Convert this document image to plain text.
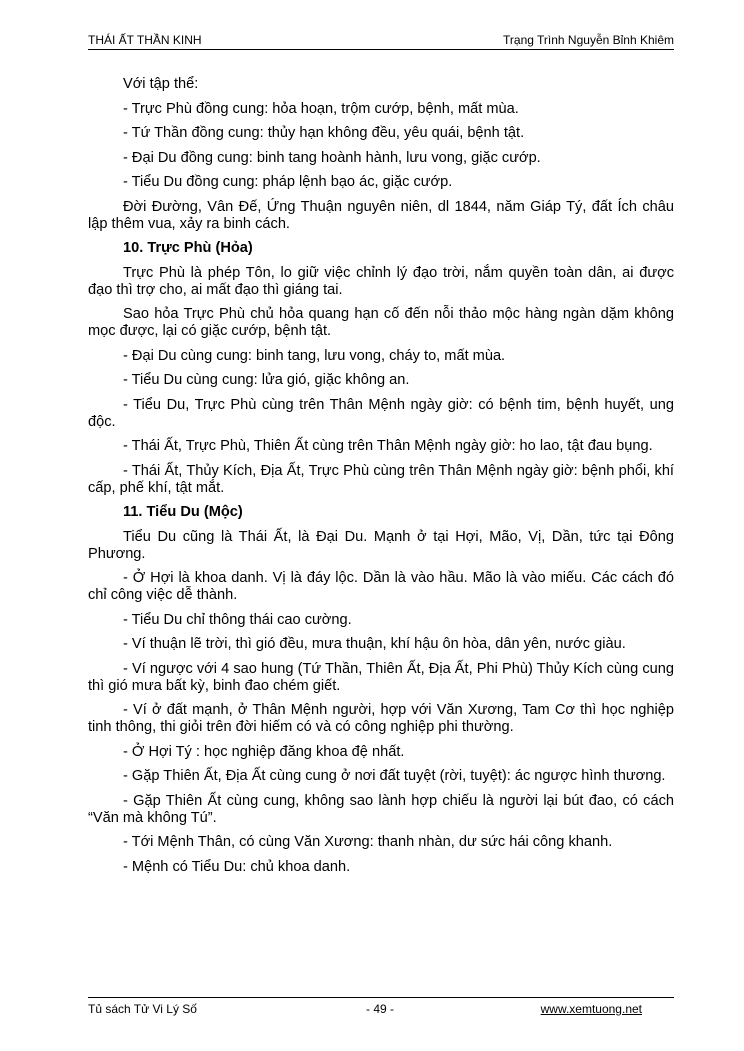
THÁI ẤT THẦN KINH	Trạng Trình Nguyễn Bỉnh Khiêm

Với tập thể:

- Trực Phù đồng cung: hỏa hoạn, trộm cướp, bệnh, mất mùa.

- Tứ Thần đồng cung: thủy hạn không đều, yêu quái, bệnh tật.

- Đại Du đồng cung: binh tang hoành hành, lưu vong, giặc cướp.

- Tiểu Du đồng cung: pháp lệnh bạo ác, giặc cướp.

Đời Đường, Vân Đế, Ứng Thuận nguyên niên, dl 1844, năm Giáp Tý, đất Ích châu lập thêm vua, xảy ra binh cách.

10. Trực Phù (Hỏa)

Trực Phù là phép Tôn, lo giữ việc chỉnh lý đạo trời, nắm quyền toàn dân, ai được đạo thì trợ cho, ai mất đạo thì giáng tai.

Sao hỏa Trực Phù chủ hỏa quang hạn cố đến nỗi thảo mộc hàng ngàn dặm không mọc được, lại có giặc cướp, bệnh tật.

- Đại Du cùng cung: binh tang, lưu vong, cháy to, mất mùa.

- Tiểu Du cùng cung: lửa gió, giặc không an.

- Tiểu Du, Trực Phù cùng trên Thân Mệnh ngày giờ: có bệnh tim, bệnh huyết, ung độc.

- Thái Ất, Trực Phù, Thiên Ất cùng trên Thân Mệnh ngày giờ: ho lao, tật đau bụng.

- Thái Ất, Thủy Kích, Địa Ất, Trực Phù cùng trên Thân Mệnh ngày giờ: bệnh phổi, khí cấp, phế khí, tật mắt.

11. Tiểu Du (Mộc)

Tiểu Du cũng là Thái Ất, là Đại Du. Mạnh ở tại Hợi, Mão, Vị, Dần, tức tại Đông Phương.

- Ở Hợi là khoa danh. Vị là đáy lộc. Dần là vào hầu. Mão là vào miếu. Các cách đó chỉ công việc dễ thành.

- Tiểu Du chỉ thông thái cao cường.

- Ví thuận lẽ trời, thì gió đều, mưa thuận, khí hậu ôn hòa, dân yên, nước giàu.

- Ví ngược với 4 sao hung (Tứ Thần, Thiên Ất, Địa Ất, Phi Phù) Thủy Kích cùng cung thì gió mưa bất kỳ, binh đao chém giết.

- Ví ở đất mạnh, ở Thân Mệnh người, hợp với Văn Xương, Tam Cơ thì học nghiệp tinh thông, thi giỏi trên đời hiếm có và có công nghiệp phi thường.

- Ở Hợi Tý : học nghiệp đăng khoa đệ nhất.

- Gặp Thiên Ất, Địa Ất cùng cung ở nơi đất tuyệt (rời, tuyệt): ác ngược hình thương.

- Gặp Thiên Ất cùng cung, không sao lành hợp chiếu là người lại bút đao, có cách “Văn mà không Tú”.

- Tới Mệnh Thân, có cùng Văn Xương: thanh nhàn, dư sức hái công khanh.

- Mệnh có Tiểu Du: chủ khoa danh.

Tủ sách Tử Vi Lý Số	- 49 -	www.xemtuong.net
